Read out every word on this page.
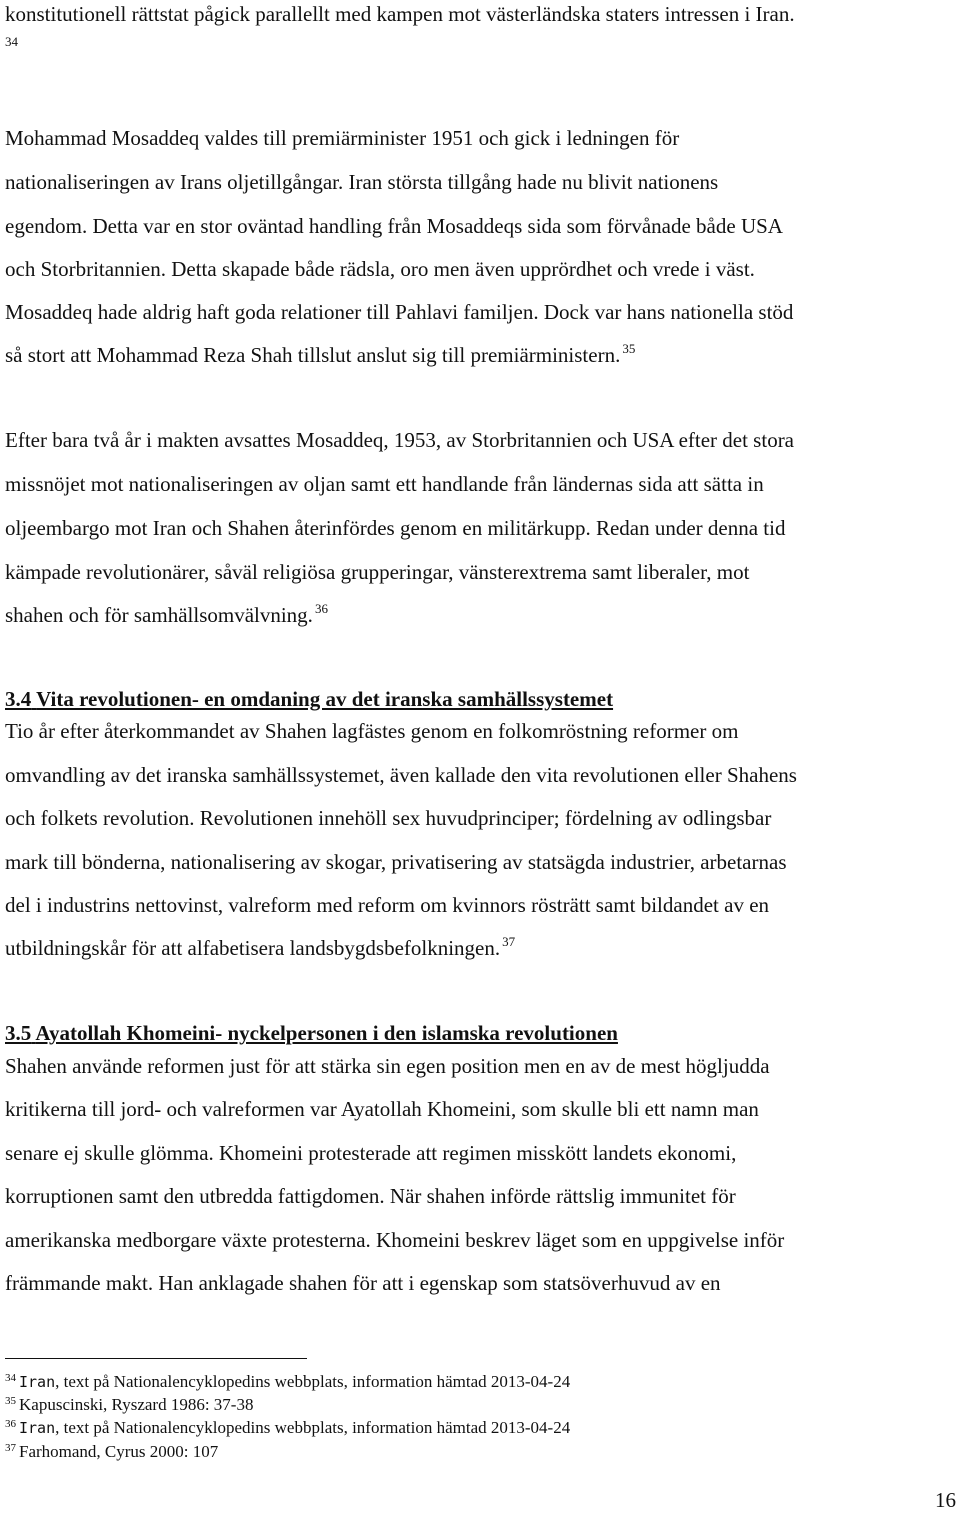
konstitutionell rättstat pågick parallellt med kampen mot västerländska staters intressen i Iran.
34
Mohammad Mosaddeq valdes till premiärminister 1951 och gick i ledningen för
nationaliseringen av Irans oljetillgångar. Iran största tillgång hade nu blivit nationens
egendom. Detta var en stor oväntad handling från Mosaddeqs sida som förvånade både USA
och Storbritannien. Detta skapade både rädsla, oro men även upprördhet och vrede i väst.
Mosaddeq hade aldrig haft goda relationer till Pahlavi familjen. Dock var hans nationella stöd
så stort att Mohammad Reza Shah tillslut anslut sig till premiärministern. $^{35}$
Efter bara två år i makten avsattes Mosaddeq, 1953, av Storbritannien och USA efter det stora
missnöjet mot nationaliseringen av oljan samt ett handlande från ländernas sida att sätta in
oljeembargo mot Iran och Shahen återinfördes genom en militärkupp. Redan under denna tid
kämpade revolutionärer, såväl religiösa grupperingar, vänsterextrema samt liberaler, mot
shahen och för samhällsomvälvning. $^{36}$
3.4 Vita revolutionen- en omdaning av det iranska samhällssystemet
Tio år efter återkommandet av Shahen lagfästes genom en folkomröstning reformer om
omvandling av det iranska samhällssystemet, även kallade den vita revolutionen eller Shahens
och folkets revolution. Revolutionen innehöll sex huvudprinciper; fördelning av odlingsbar
mark till bönderna, nationalisering av skogar, privatisering av statsägda industrier, arbetarnas
del i industrins nettovinst, valreform med reform om kvinnors rösträtt samt bildandet av en
utbildningskår för att alfabetisera landsbygdsbefolkningen. $^{37}$
3.5 Ayatollah Khomeini- nyckelpersonen i den islamska revolutionen
Shahen använde reformen just för att stärka sin egen position men en av de mest högljudda
kritikerna till jord- och valreformen var Ayatollah Khomeini, som skulle bli ett namn man
senare ej skulle glömma. Khomeini protesterade att regimen misskött landets ekonomi,
korruptionen samt den utbredda fattigdomen. När shahen införde rättslig immunitet för
amerikanska medborgare växte protesterna. Khomeini beskrev läget som en uppgivelse inför
främmande makt. Han anklagade shahen för att i egenskap som statsöverhuvud av en
$^{34}$ Iran, text på Nationalencyklopedins webbplats, information hämtad 2013-04-24
$^{35}$ Kapuscinski, Ryszard 1986: 37-38
$^{36}$ Iran, text på Nationalencyklopedins webbplats, information hämtad 2013-04-24
$^{37}$ Farhomand, Cyrus 2000: 107
16
